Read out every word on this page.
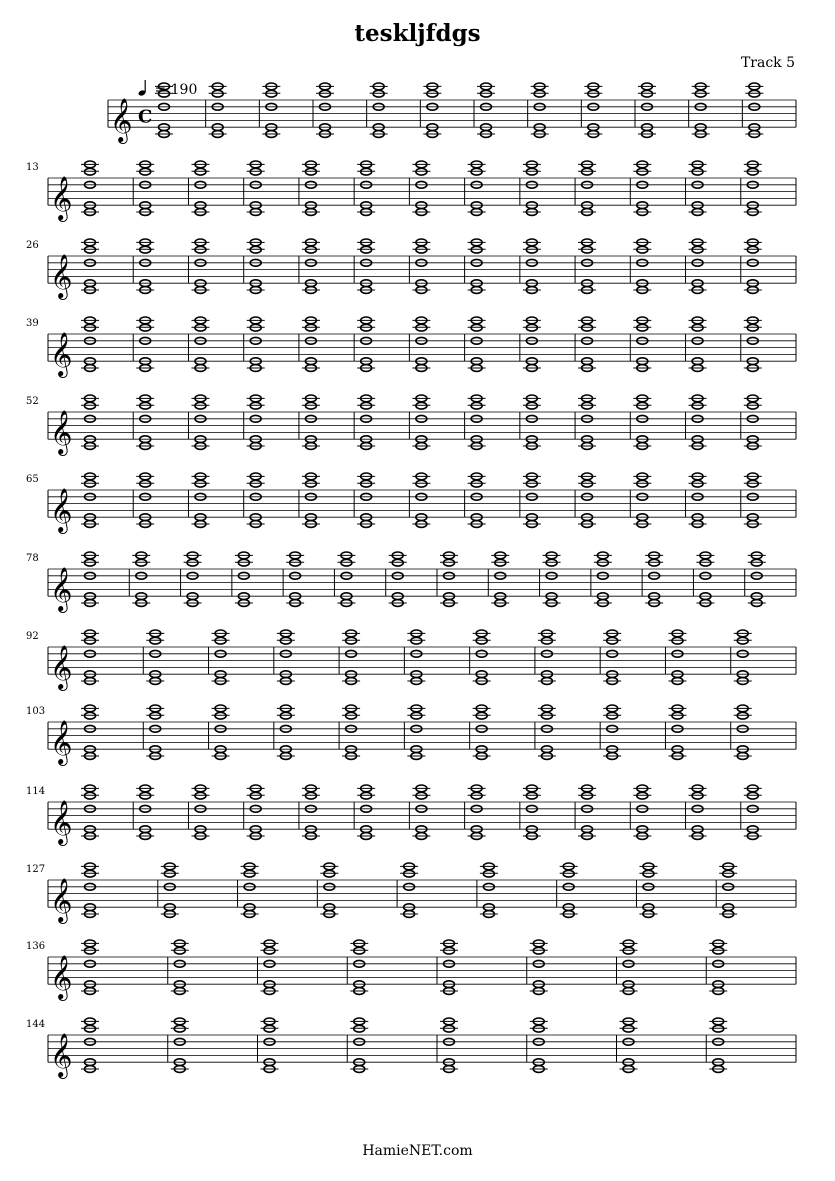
teskljfdgs
Track 5
= 190
HamieNET.com
𝄞 C
𝄞
13
𝄞
26
𝄞
39
𝄞
52
𝄞
65
𝄞
78
𝄞
92
𝄞
103
𝄞
114
𝄞
127
𝄞
136
𝄞
144
